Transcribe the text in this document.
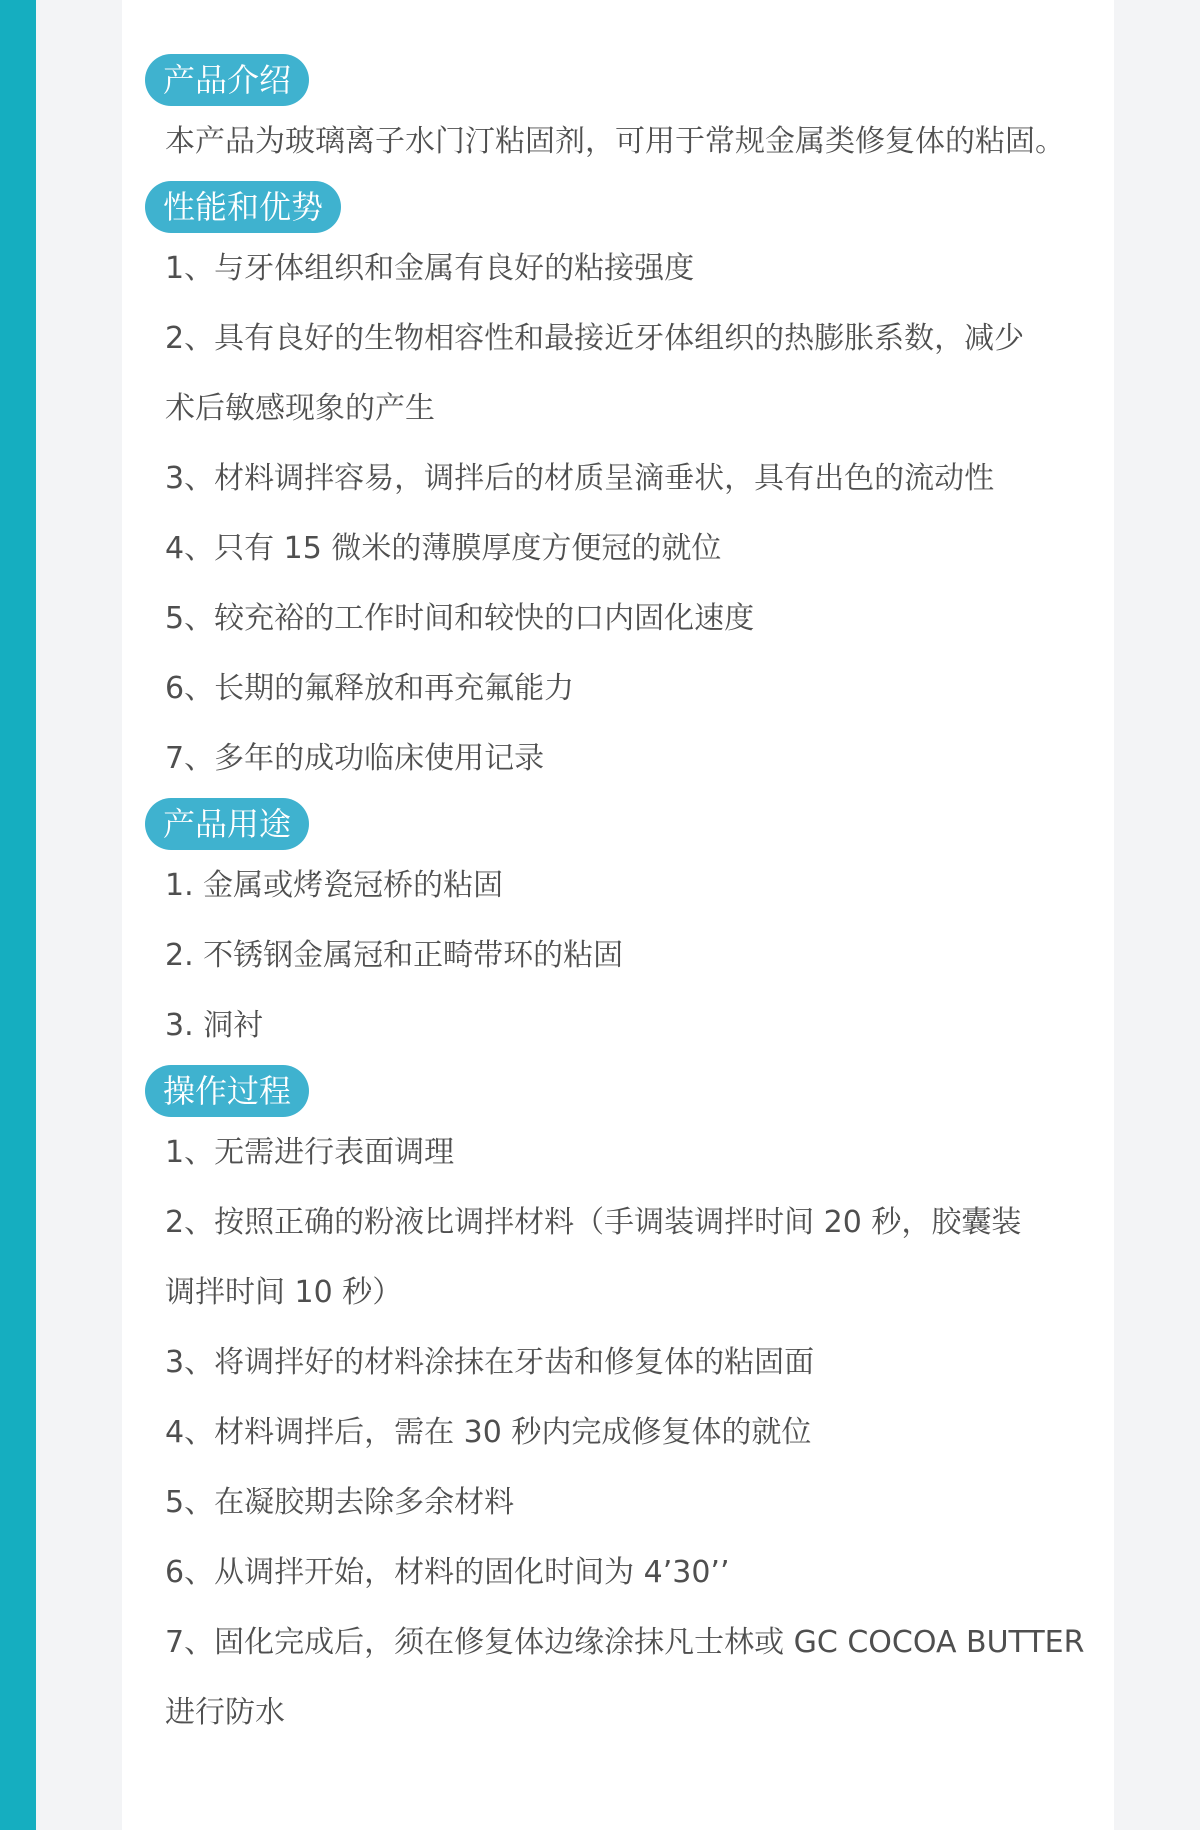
产品介绍
本产品为玻璃离子水门汀粘固剂，可用于常规金属类修复体的粘固。
性能和优势
1、与牙体组织和金属有良好的粘接强度
2、具有良好的生物相容性和最接近牙体组织的热膨胀系数，减少
术后敏感现象的产生
3、材料调拌容易，调拌后的材质呈滴垂状，具有出色的流动性
4、只有 15 微米的薄膜厚度方便冠的就位
5、较充裕的工作时间和较快的口内固化速度
6、长期的氟释放和再充氟能力
7、多年的成功临床使用记录
产品用途
1. 金属或烤瓷冠桥的粘固
2. 不锈钢金属冠和正畸带环的粘固
3. 洞衬
操作过程
1、无需进行表面调理
2、按照正确的粉液比调拌材料（手调装调拌时间 20 秒，胶囊装
调拌时间 10 秒）
3、将调拌好的材料涂抹在牙齿和修复体的粘固面
4、材料调拌后，需在 30 秒内完成修复体的就位
5、在凝胶期去除多余材料
6、从调拌开始，材料的固化时间为 4’30’’
7、固化完成后，须在修复体边缘涂抹凡士林或 GC COCOA BUTTER
进行防水
